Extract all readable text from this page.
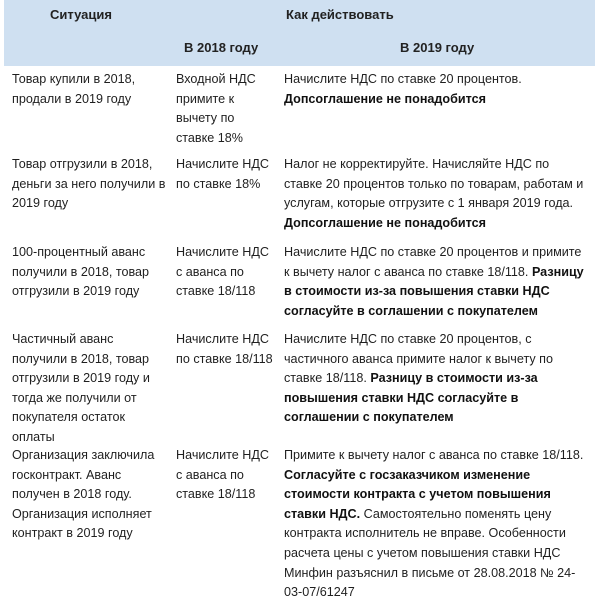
Ситуация	Как действовать
В 2018 году	В 2019 году
Товар купили в 2018, продали в 2019 году
Входной НДС примите к вычету по ставке 18%
Начислите НДС по ставке 20 процентов. Допсоглашение не понадобится
Товар отгрузили в 2018, деньги за него получили в 2019 году
Начислите НДС по ставке 18%
Налог не корректируйте. Начисляйте НДС по ставке 20 процентов только по товарам, работам и услугам, которые отгрузите с 1 января 2019 года. Допсоглашение не понадобится
100-процентный аванс получили в 2018, товар отгрузили в 2019 году
Начислите НДС с аванса по ставке 18/118
Начислите НДС по ставке 20 процентов и примите к вычету налог с аванса по ставке 18/118. Разницу в стоимости из-за повышения ставки НДС согласуйте в соглашении с покупателем
Частичный аванс получили в 2018, товар отгрузили в 2019 году и тогда же получили от покупателя остаток оплаты
Начислите НДС по ставке 18/118
Начислите НДС по ставке 20 процентов, с частичного аванса примите налог к вычету по ставке 18/118. Разницу в стоимости из-за повышения ставки НДС согласуйте в соглашении с покупателем
Организация заключила госконтракт. Аванс получен в 2018 году. Организация исполняет контракт в 2019 году
Начислите НДС с аванса по ставке 18/118
Примите к вычету налог с аванса по ставке 18/118. Согласуйте с госзаказчиком изменение стоимости контракта с учетом повышения ставки НДС. Самостоятельно поменять цену контракта исполнитель не вправе. Особенности расчета цены с учетом повышения ставки НДС Минфин разъяснил в письме от 28.08.2018 № 24-03-07/61247
